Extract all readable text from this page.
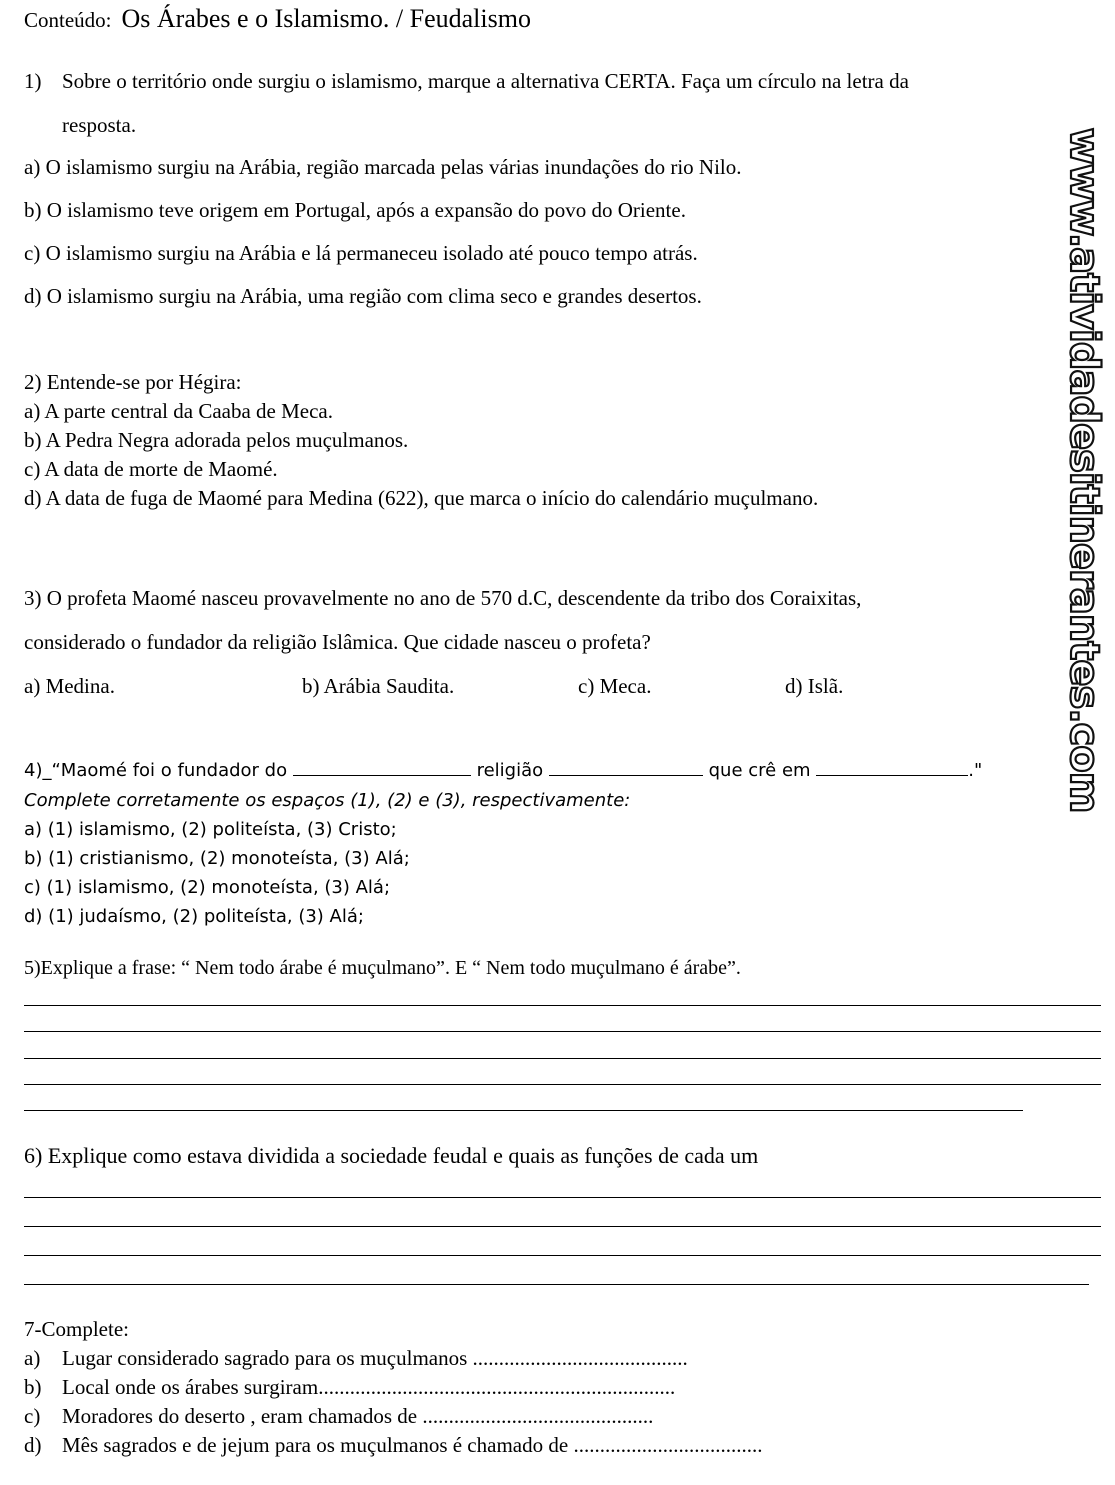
Conteúdo: Os Árabes e o Islamismo. / Feudalismo
www.atividadesitinerantes.com
1) Sobre o território onde surgiu o islamismo, marque a alternativa CERTA. Faça um círculo na letra da
resposta.
a) O islamismo surgiu na Arábia, região marcada pelas várias inundações do rio Nilo.
b) O islamismo teve origem em Portugal, após a expansão do povo do Oriente.
c) O islamismo surgiu na Arábia e lá permaneceu isolado até pouco tempo atrás.
d) O islamismo surgiu na Arábia, uma região com clima seco e grandes desertos.
2) Entende-se por Hégira:
a) A parte central da Caaba de Meca.
b) A Pedra Negra adorada pelos muçulmanos.
c) A data de morte de Maomé.
d) A data de fuga de Maomé para Medina (622), que marca o início do calendário muçulmano.
3) O profeta Maomé nasceu provavelmente no ano de 570 d.C, descendente da tribo dos Coraixitas,
considerado o fundador da religião Islâmica. Que cidade nasceu o profeta?
a) Medina.	b) Arábia Saudita.	c) Meca.	d) Islã.
4)_“Maomé foi o fundador do	religião	que crê em	."
Complete corretamente os espaços (1), (2) e (3), respectivamente:
a) (1) islamismo, (2) politeísta, (3) Cristo;
b) (1) cristianismo, (2) monoteísta, (3) Alá;
c) (1) islamismo, (2) monoteísta, (3) Alá;
d) (1) judaísmo, (2) politeísta, (3) Alá;
5)Explique a frase: “ Nem todo árabe é muçulmano”. E “ Nem todo muçulmano é árabe”.
6) Explique como estava dividida a sociedade feudal e quais as funções de cada um
7-Complete:
a) Lugar considerado sagrado para os muçulmanos .........................................
b) Local onde os árabes surgiram....................................................................
c) Moradores do deserto , eram chamados de ............................................
d) Mês sagrados e de jejum para os muçulmanos é chamado de ....................................
